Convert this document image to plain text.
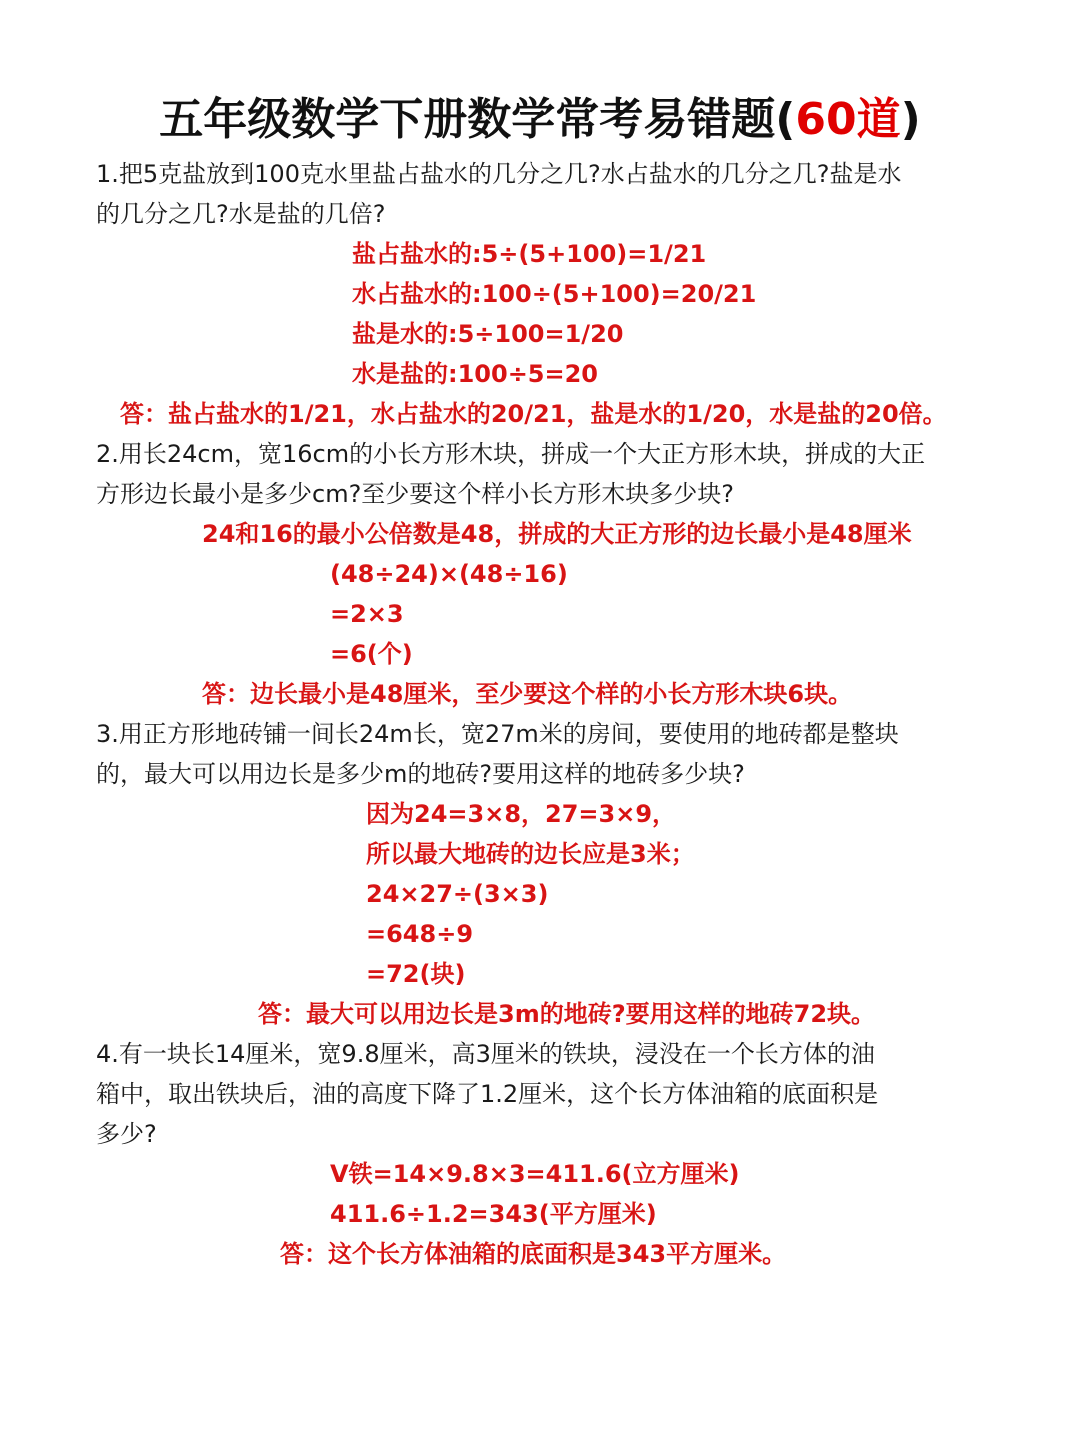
五年级数学下册数学常考易错题(60道)
1.把5克盐放到100克水里盐占盐水的几分之几?水占盐水的几分之几?盐是水
的几分之几?水是盐的几倍?
盐占盐水的:5÷(5+100)=1/21
水占盐水的:100÷(5+100)=20/21
盐是水的:5÷100=1/20
水是盐的:100÷5=20
答：盐占盐水的1/21，水占盐水的20/21，盐是水的1/20，水是盐的20倍。
2.用长24cm，宽16cm的小长方形木块，拼成一个大正方形木块，拼成的大正
方形边长最小是多少cm?至少要这个样小长方形木块多少块?
24和16的最小公倍数是48，拼成的大正方形的边长最小是48厘米
(48÷24)×(48÷16)
=2×3
=6(个)
答：边长最小是48厘米，至少要这个样的小长方形木块6块。
3.用正方形地砖铺一间长24m长，宽27m米的房间，要使用的地砖都是整块
的，最大可以用边长是多少m的地砖?要用这样的地砖多少块?
因为24=3×8，27=3×9，
所以最大地砖的边长应是3米；
24×27÷(3×3)
=648÷9
=72(块)
答：最大可以用边长是3m的地砖?要用这样的地砖72块。
4.有一块长14厘米，宽9.8厘米，高3厘米的铁块，浸没在一个长方体的油
箱中，取出铁块后，油的高度下降了1.2厘米，这个长方体油箱的底面积是
多少?
V铁=14×9.8×3=411.6(立方厘米)
411.6÷1.2=343(平方厘米)
答：这个长方体油箱的底面积是343平方厘米。
